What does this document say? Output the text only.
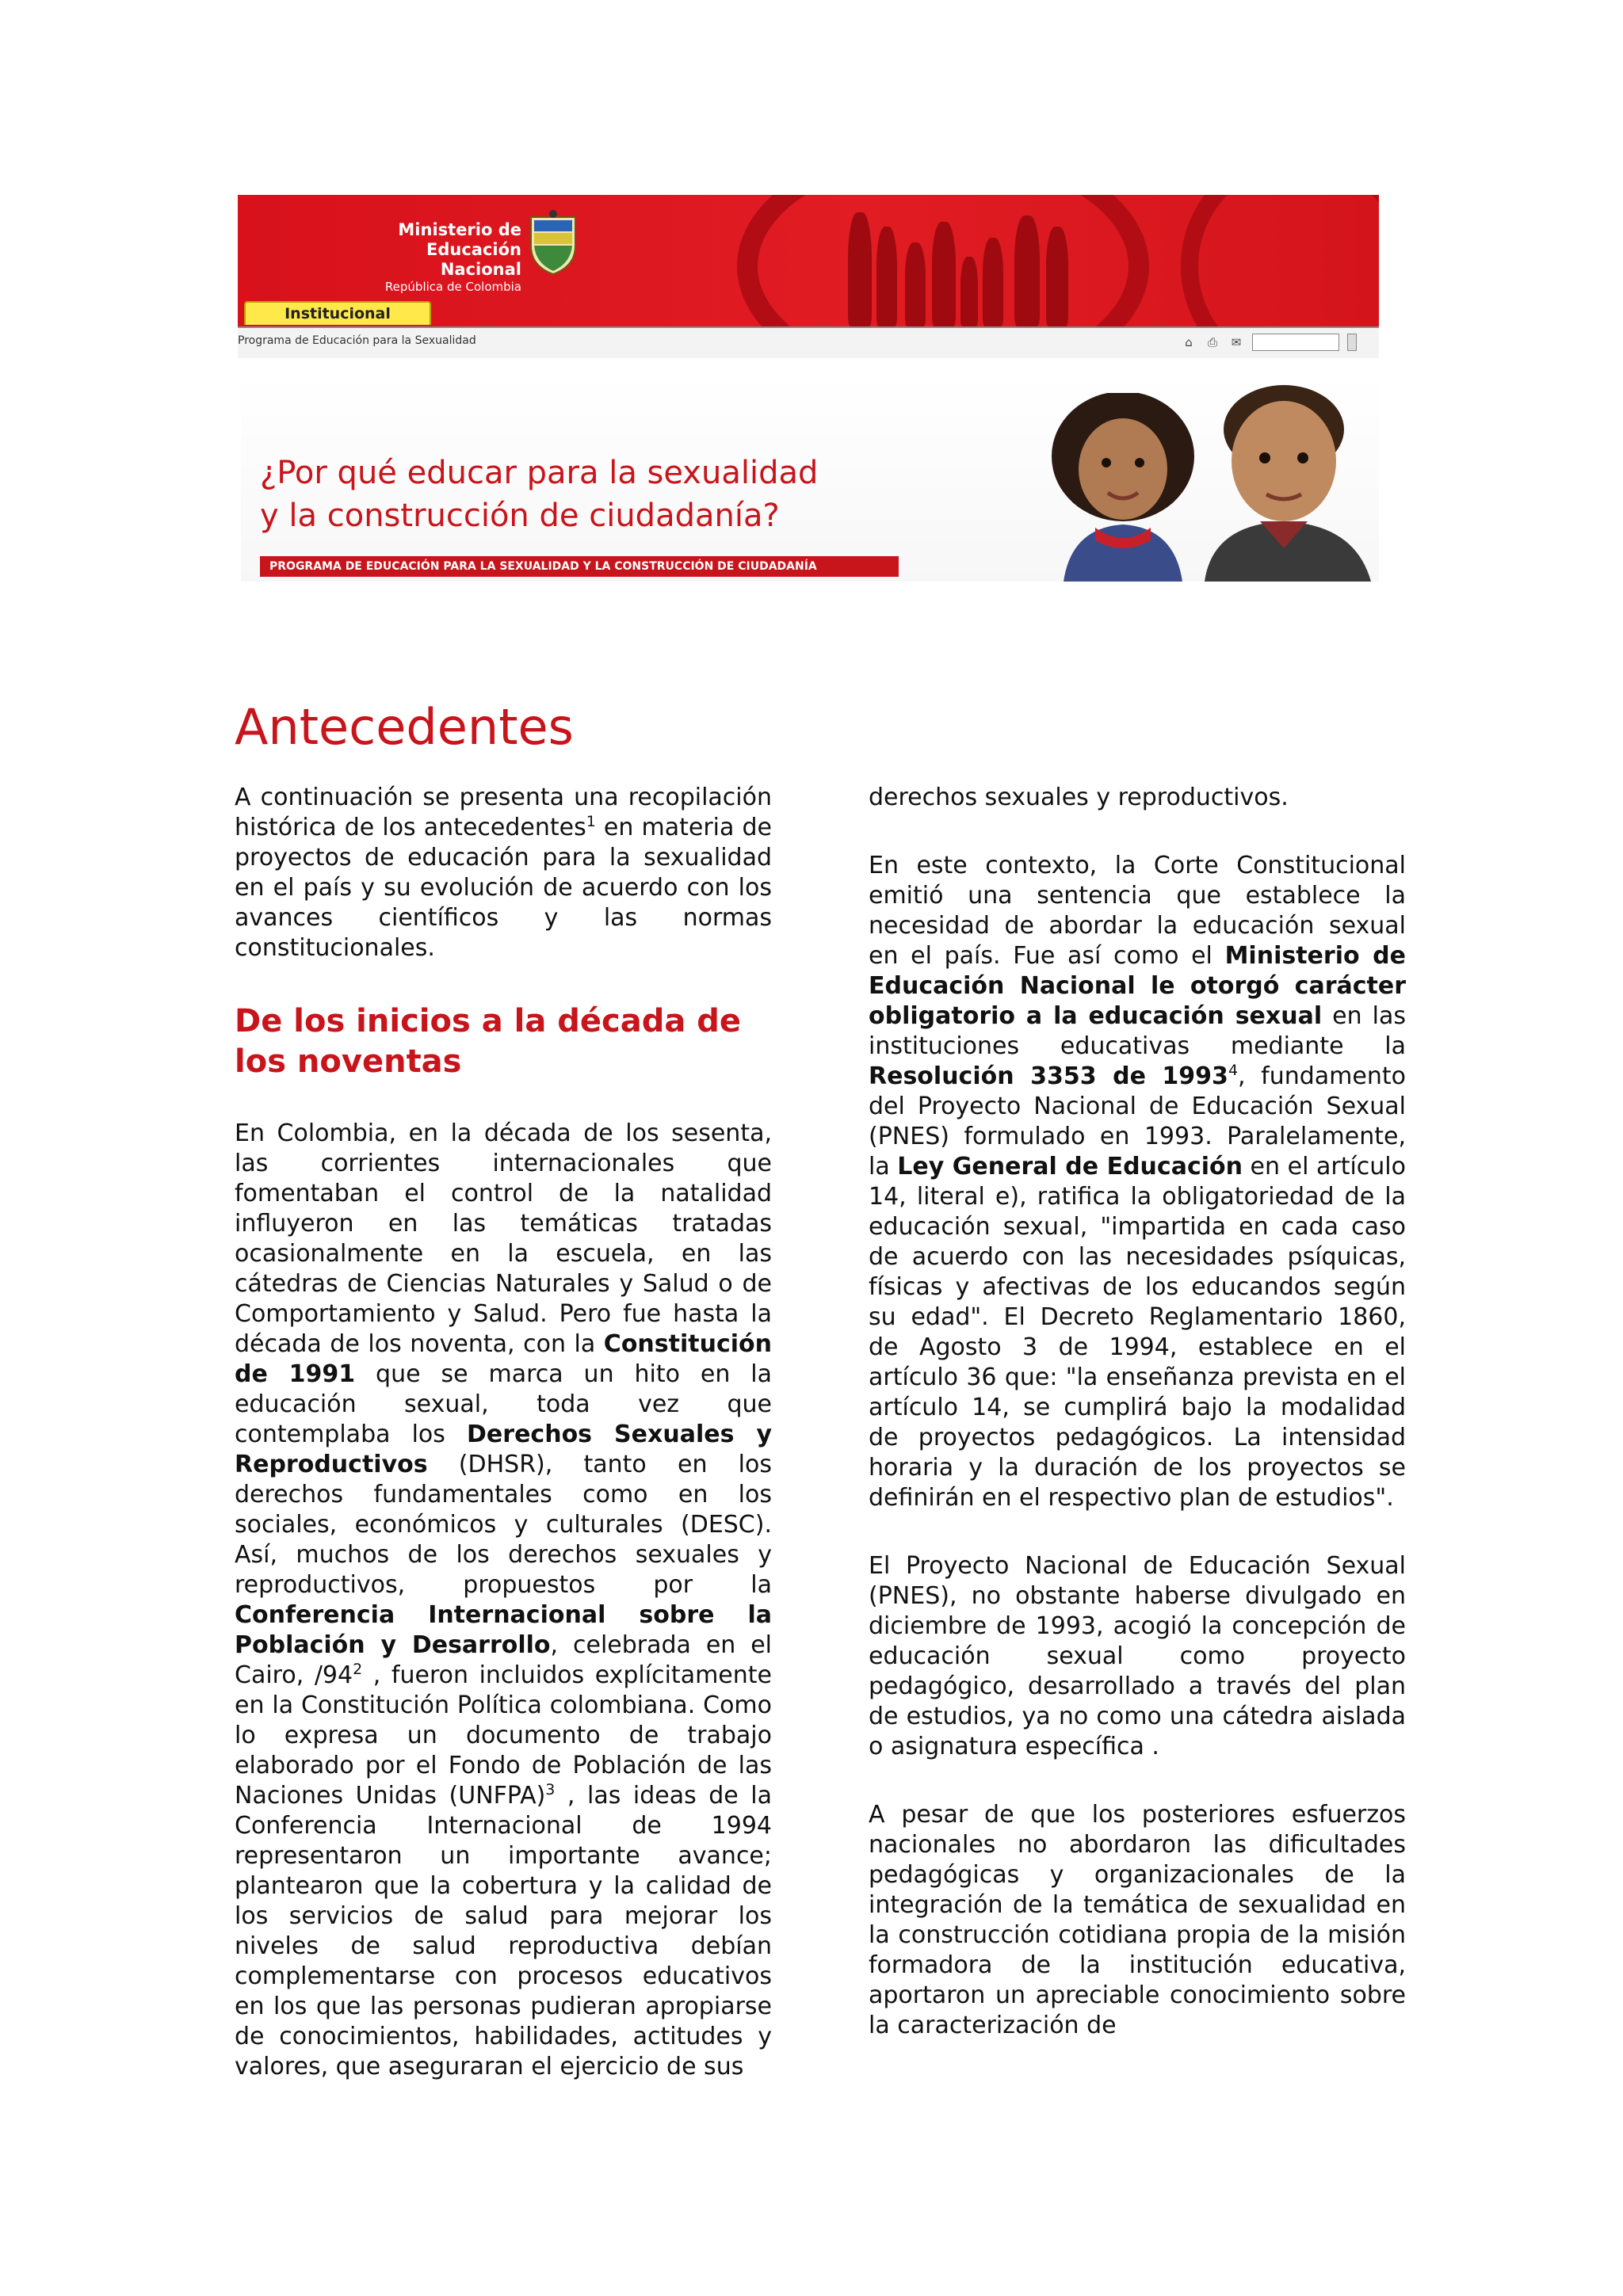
Ministerio de
Educación Nacional
República de Colombia
Institucional
Programa de Educación para la Sexualidad	⌂	⎙ ✉
¿Por qué educar para la sexualidad
y la construcción de ciudadanía?
PROGRAMA DE EDUCACIÓN PARA LA SEXUALIDAD Y LA CONSTRUCCIÓN DE CIUDADANÍA
Antecedentes

A continuación se presenta una recopilación histórica de los antecedentes$^1$ en materia de proyectos de educación para la sexualidad en el país y su evolución de acuerdo con los avances científicos y las normas constitucionales.

De los inicios a la década de los noventas

En Colombia, en la década de los sesenta, las corrientes internacionales que fomentaban el control de la natalidad influyeron en las temáticas tratadas ocasionalmente en la escuela, en las cátedras de Ciencias Naturales y Salud o de Comportamiento y Salud. Pero fue hasta la década de los noventa, con la Constitución de 1991 que se marca un hito en la educación sexual, toda vez que contemplaba los Derechos Sexuales y Reproductivos (DHSR), tanto en los derechos fundamentales como en los sociales, económicos y culturales (DESC). Así, muchos de los derechos sexuales y reproductivos, propuestos por la Conferencia Internacional sobre la Población y Desarrollo, celebrada en el Cairo, $/94^2$ , fueron incluidos explícitamente en la Constitución Política colombiana. Como lo expresa un documento de trabajo elaborado por el Fondo de Población de las Naciones Unidas (UNFPA)$^3$ , las ideas de la Conferencia Internacional de 1994 representaron un importante avance; plantearon que la cobertura y la calidad de los servicios de salud para mejorar los niveles de salud reproductiva debían complementarse con procesos educativos en los que las personas pudieran apropiarse de conocimientos, habilidades, actitudes y valores, que aseguraran el ejercicio de sus

derechos sexuales y reproductivos.

En este contexto, la Corte Constitucional emitió una sentencia que establece la necesidad de abordar la educación sexual en el país. Fue así como el Ministerio de Educación Nacional le otorgó carácter obligatorio a la educación sexual en las instituciones educativas mediante la Resolución 3353 de 1993$^4$, fundamento del Proyecto Nacional de Educación Sexual (PNES) formulado en 1993. Paralelamente, la Ley General de Educación en el artículo 14, literal e), ratifica la obligatoriedad de la educación sexual, "impartida en cada caso de acuerdo con las necesidades psíquicas, físicas y afectivas de los educandos según su edad". El Decreto Reglamentario 1860, de Agosto 3 de 1994, establece en el artículo 36 que: "la enseñanza prevista en el artículo 14, se cumplirá bajo la modalidad de proyectos pedagógicos. La intensidad horaria y la duración de los proyectos se definirán en el respectivo plan de estudios".

El Proyecto Nacional de Educación Sexual (PNES), no obstante haberse divulgado en diciembre de 1993, acogió la concepción de educación sexual como proyecto pedagógico, desarrollado a través del plan de estudios, ya no como una cátedra aislada o asignatura específica .

A pesar de que los posteriores esfuerzos nacionales no abordaron las dificultades pedagógicas y organizacionales de la integración de la temática de sexualidad en la construcción cotidiana propia de la misión formadora de la institución educativa, aportaron un apreciable conocimiento sobre la caracterización de
